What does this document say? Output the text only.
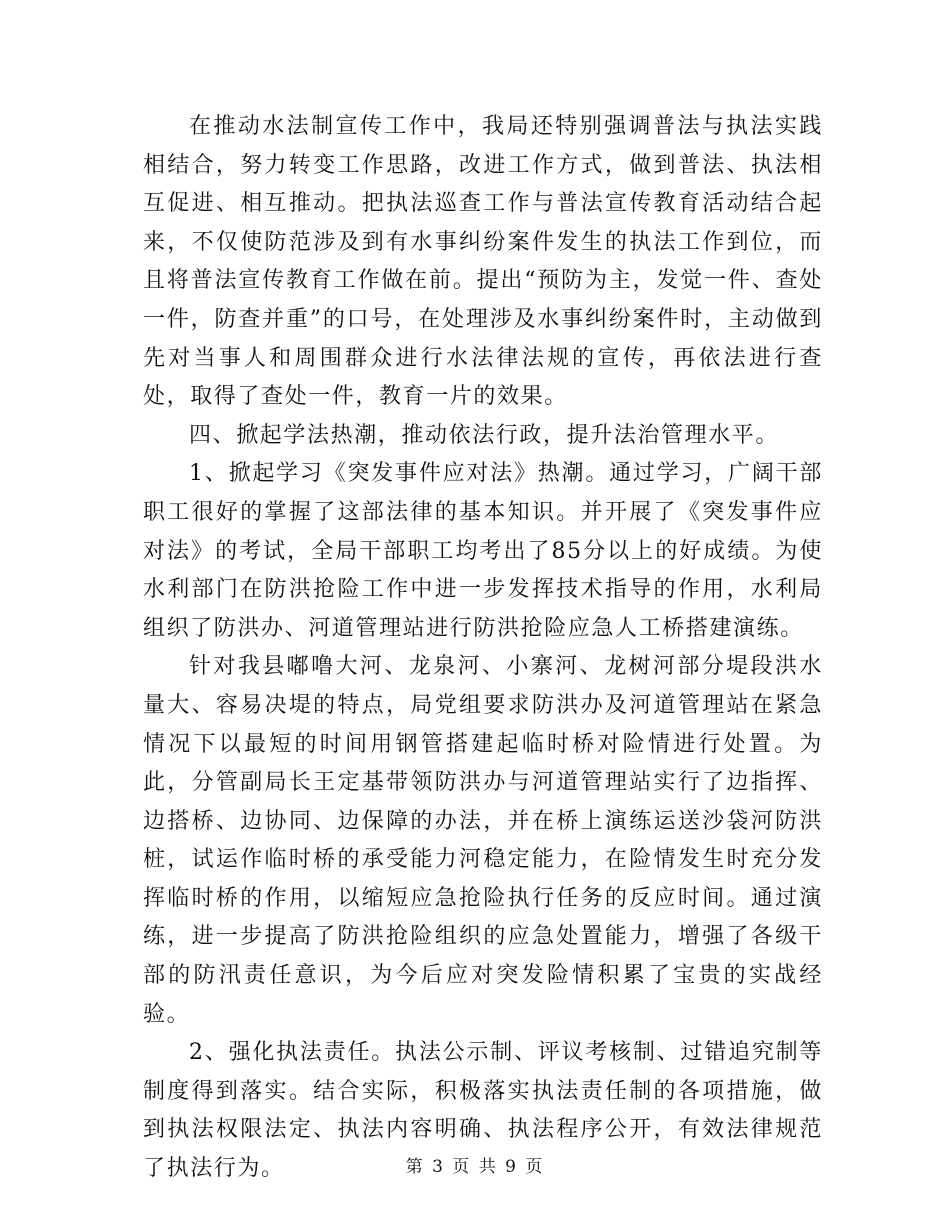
在推动水法制宣传工作中，我局还特别强调普法与执法实践相结合，努力转变工作思路，改进工作方式，做到普法、执法相互促进、相互推动。把执法巡查工作与普法宣传教育活动结合起来，不仅使防范涉及到有水事纠纷案件发生的执法工作到位，而且将普法宣传教育工作做在前。提出“预防为主，发觉一件、查处一件，防查并重”的口号，在处理涉及水事纠纷案件时，主动做到先对当事人和周围群众进行水法律法规的宣传，再依法进行查处，取得了查处一件，教育一片的效果。

四、掀起学法热潮，推动依法行政，提升法治管理水平。

1、掀起学习《突发事件应对法》热潮。通过学习，广阔干部职工很好的掌握了这部法律的基本知识。并开展了《突发事件应对法》的考试，全局干部职工均考出了85分以上的好成绩。为使水利部门在防洪抢险工作中进一步发挥技术指导的作用，水利局组织了防洪办、河道管理站进行防洪抢险应急人工桥搭建演练。

针对我县嘟噜大河、龙泉河、小寨河、龙树河部分堤段洪水量大、容易决堤的特点，局党组要求防洪办及河道管理站在紧急情况下以最短的时间用钢管搭建起临时桥对险情进行处置。为此，分管副局长王定基带领防洪办与河道管理站实行了边指挥、边搭桥、边协同、边保障的办法，并在桥上演练运送沙袋河防洪桩，试运作临时桥的承受能力河稳定能力，在险情发生时充分发挥临时桥的作用，以缩短应急抢险执行任务的反应时间。通过演练，进一步提高了防洪抢险组织的应急处置能力，增强了各级干部的防汛责任意识，为今后应对突发险情积累了宝贵的实战经验。

2、强化执法责任。执法公示制、评议考核制、过错追究制等制度得到落实。结合实际，积极落实执法责任制的各项措施，做到执法权限法定、执法内容明确、执法程序公开，有效法律规范了执法行为。	第 3 页 共 9 页
